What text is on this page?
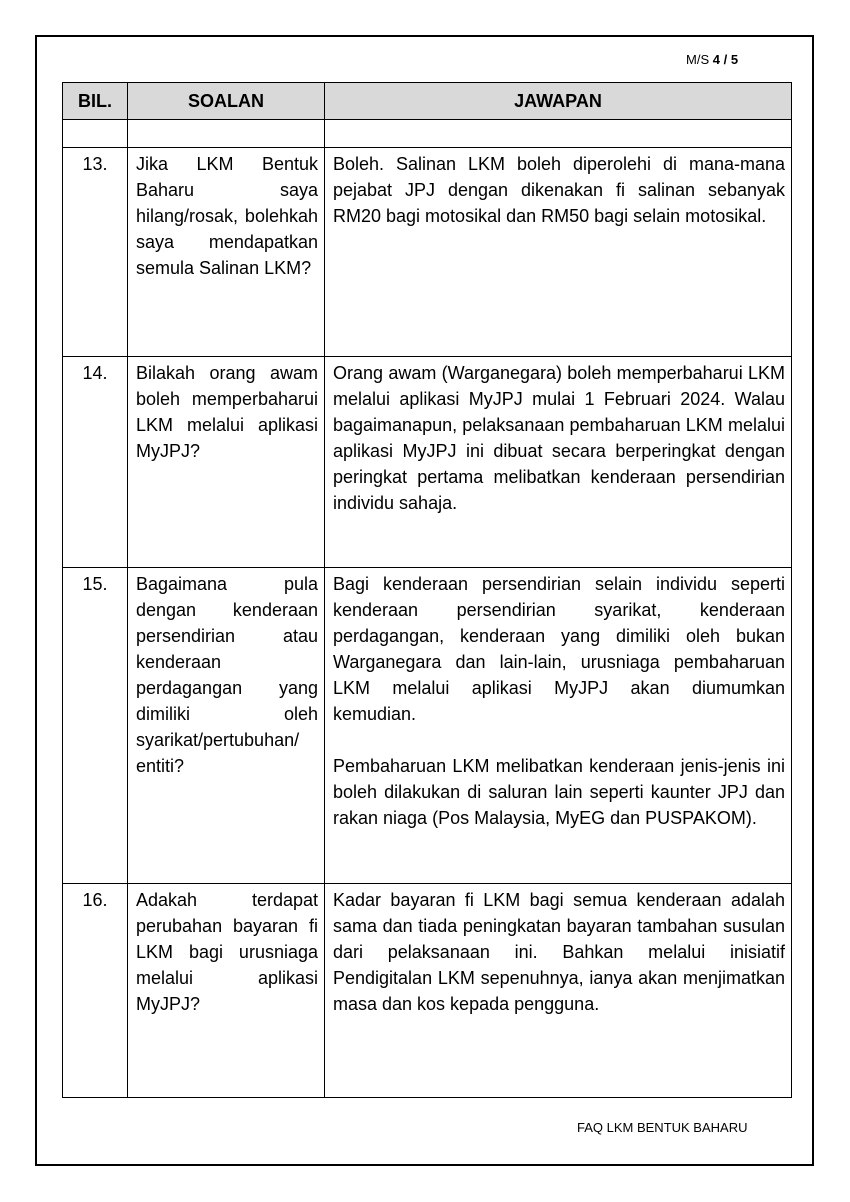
M/S 4 / 5
BIL.	SOALAN	JAWAPAN

13.	Jika LKM Bentuk Baharu saya hilang/rosak, bolehkah saya mendapatkan semula Salinan LKM?	Boleh. Salinan LKM boleh diperolehi di mana-mana pejabat JPJ dengan dikenakan fi salinan sebanyak RM20 bagi motosikal dan RM50 bagi selain motosikal.

14.	Bilakah orang awam boleh memperbaharui LKM melalui aplikasi MyJPJ?	Orang awam (Warganegara) boleh memperbaharui LKM melalui aplikasi MyJPJ mulai 1 Februari 2024. Walau bagaimanapun, pelaksanaan pembaharuan LKM melalui aplikasi MyJPJ ini dibuat secara berperingkat dengan peringkat pertama melibatkan kenderaan persendirian individu sahaja.

15.	Bagaimana pula dengan kenderaan persendirian atau kenderaan perdagangan yang dimiliki oleh syarikat/pertubuhan/ entiti?	Bagi kenderaan persendirian selain individu seperti kenderaan persendirian syarikat, kenderaan perdagangan, kenderaan yang dimiliki oleh bukan Warganegara dan lain-lain, urusniaga pembaharuan LKM melalui aplikasi MyJPJ akan diumumkan kemudian.

Pembaharuan LKM melibatkan kenderaan jenis-jenis ini boleh dilakukan di saluran lain seperti kaunter JPJ dan rakan niaga (Pos Malaysia, MyEG dan PUSPAKOM).

16.	Adakah terdapat perubahan bayaran fi LKM bagi urusniaga melalui aplikasi MyJPJ?	Kadar bayaran fi LKM bagi semua kenderaan adalah sama dan tiada peningkatan bayaran tambahan susulan dari pelaksanaan ini. Bahkan melalui inisiatif Pendigitalan LKM sepenuhnya, ianya akan menjimatkan masa dan kos kepada pengguna.

FAQ LKM BENTUK BAHARU
